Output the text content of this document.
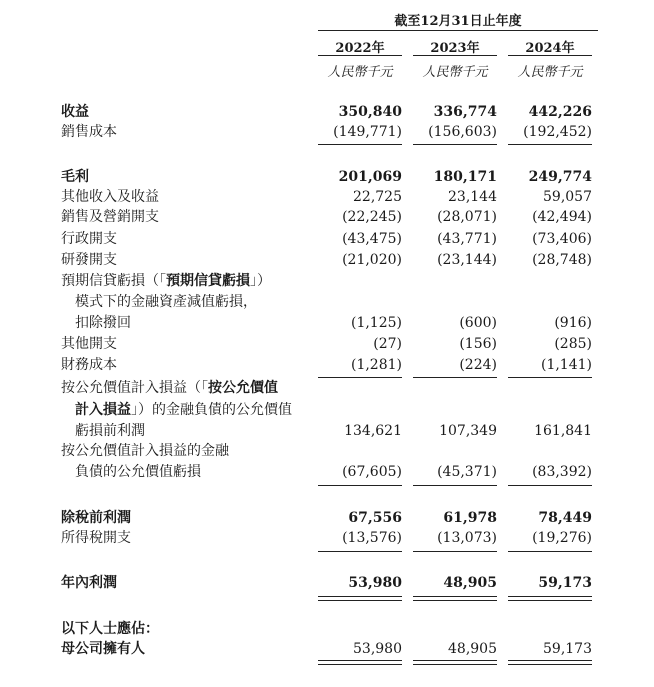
截至12月31日止年度
2022年	2023年	2024年
人民幣千元	人民幣千元	人民幣千元
收益	350,840	336,774	442,226
銷售成本	(149,771)	(156,603)	(192,452)
毛利	201,069	180,171	249,774
其他收入及收益	22,725	23,144	59,057
銷售及營銷開支	(22,245)	(28,071)	(42,494)
行政開支	(43,475)	(43,771)	(73,406)
研發開支	(21,020)	(23,144)	(28,748)
預期信貸虧損（「預期信貸虧損」）
模式下的金融資產減值虧損，
扣除撥回	(1,125)	(600)	(916)
其他開支	(27)	(156)	(285)
財務成本	(1,281)	(224)	(1,141)
按公允價值計入損益（「按公允價值
計入損益」）的金融負債的公允價值
虧損前利潤	134,621	107,349	161,841
按公允價值計入損益的金融
負債的公允價值虧損	(67,605)	(45,371)	(83,392)
除稅前利潤	67,556	61,978	78,449
所得稅開支	(13,576)	(13,073)	(19,276)
年內利潤	53,980	48,905	59,173
以下人士應佔：
母公司擁有人	53,980	48,905	59,173
